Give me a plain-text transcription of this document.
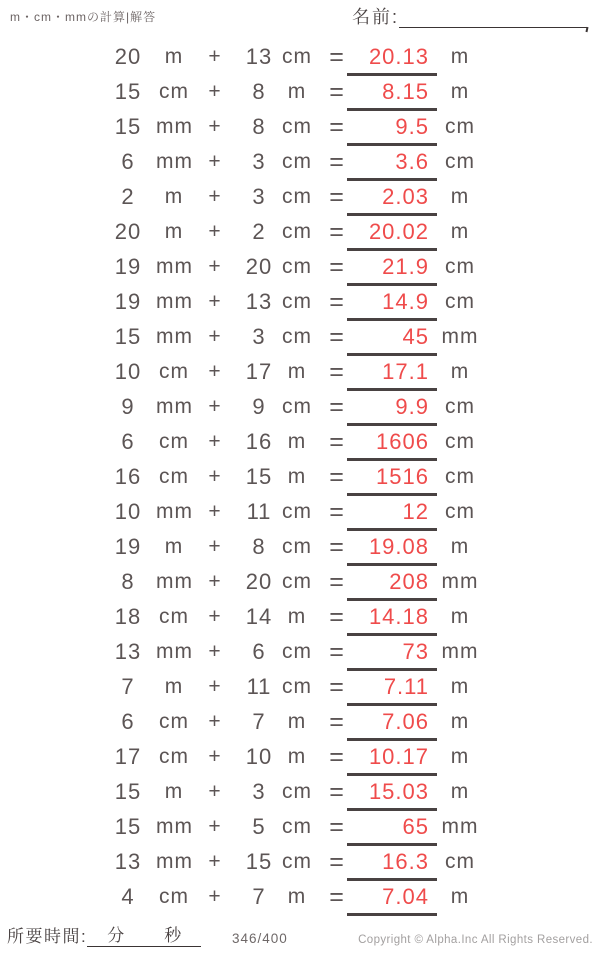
m・cm・mmの計算|解答	名前:
20	m	+	13 cm =	20.13	m
15 cm +	8	m =	8.15	m
15 mm +	8 cm =	9.5 cm
6	mm +	3 cm =	3.6 cm
2	m	+	3 cm =	2.03	m
20	m	+	2 cm =	20.02	m
19 mm +	20 cm =	21.9 cm
19 mm +	13 cm =	14.9 cm
15 mm +	3 cm =	45 mm
10 cm +	17 m =	17.1	m
9	mm +	9 cm =	9.9 cm
6	cm +	16 m =	1606 cm
16 cm +	15 m =	1516 cm
10 mm +	11 cm =	12 cm
19	m	+	8 cm =	19.08	m
8	mm +	20 cm =	208 mm
18 cm +	14 m =	14.18	m
13 mm +	6 cm =	73 mm
7	m	+	11 cm =	7.11	m
6	cm +	7	m =	7.06	m
17 cm +	10 m =	10.17	m
15	m	+	3 cm =	15.03	m
15 mm +	5 cm =	65 mm
13 mm +	15 cm =	16.3 cm
4	cm +	7	m =	7.04	m
所要時間: 分 秒	346/400	Copyright © Alpha.Inc All Rights Reserved.
